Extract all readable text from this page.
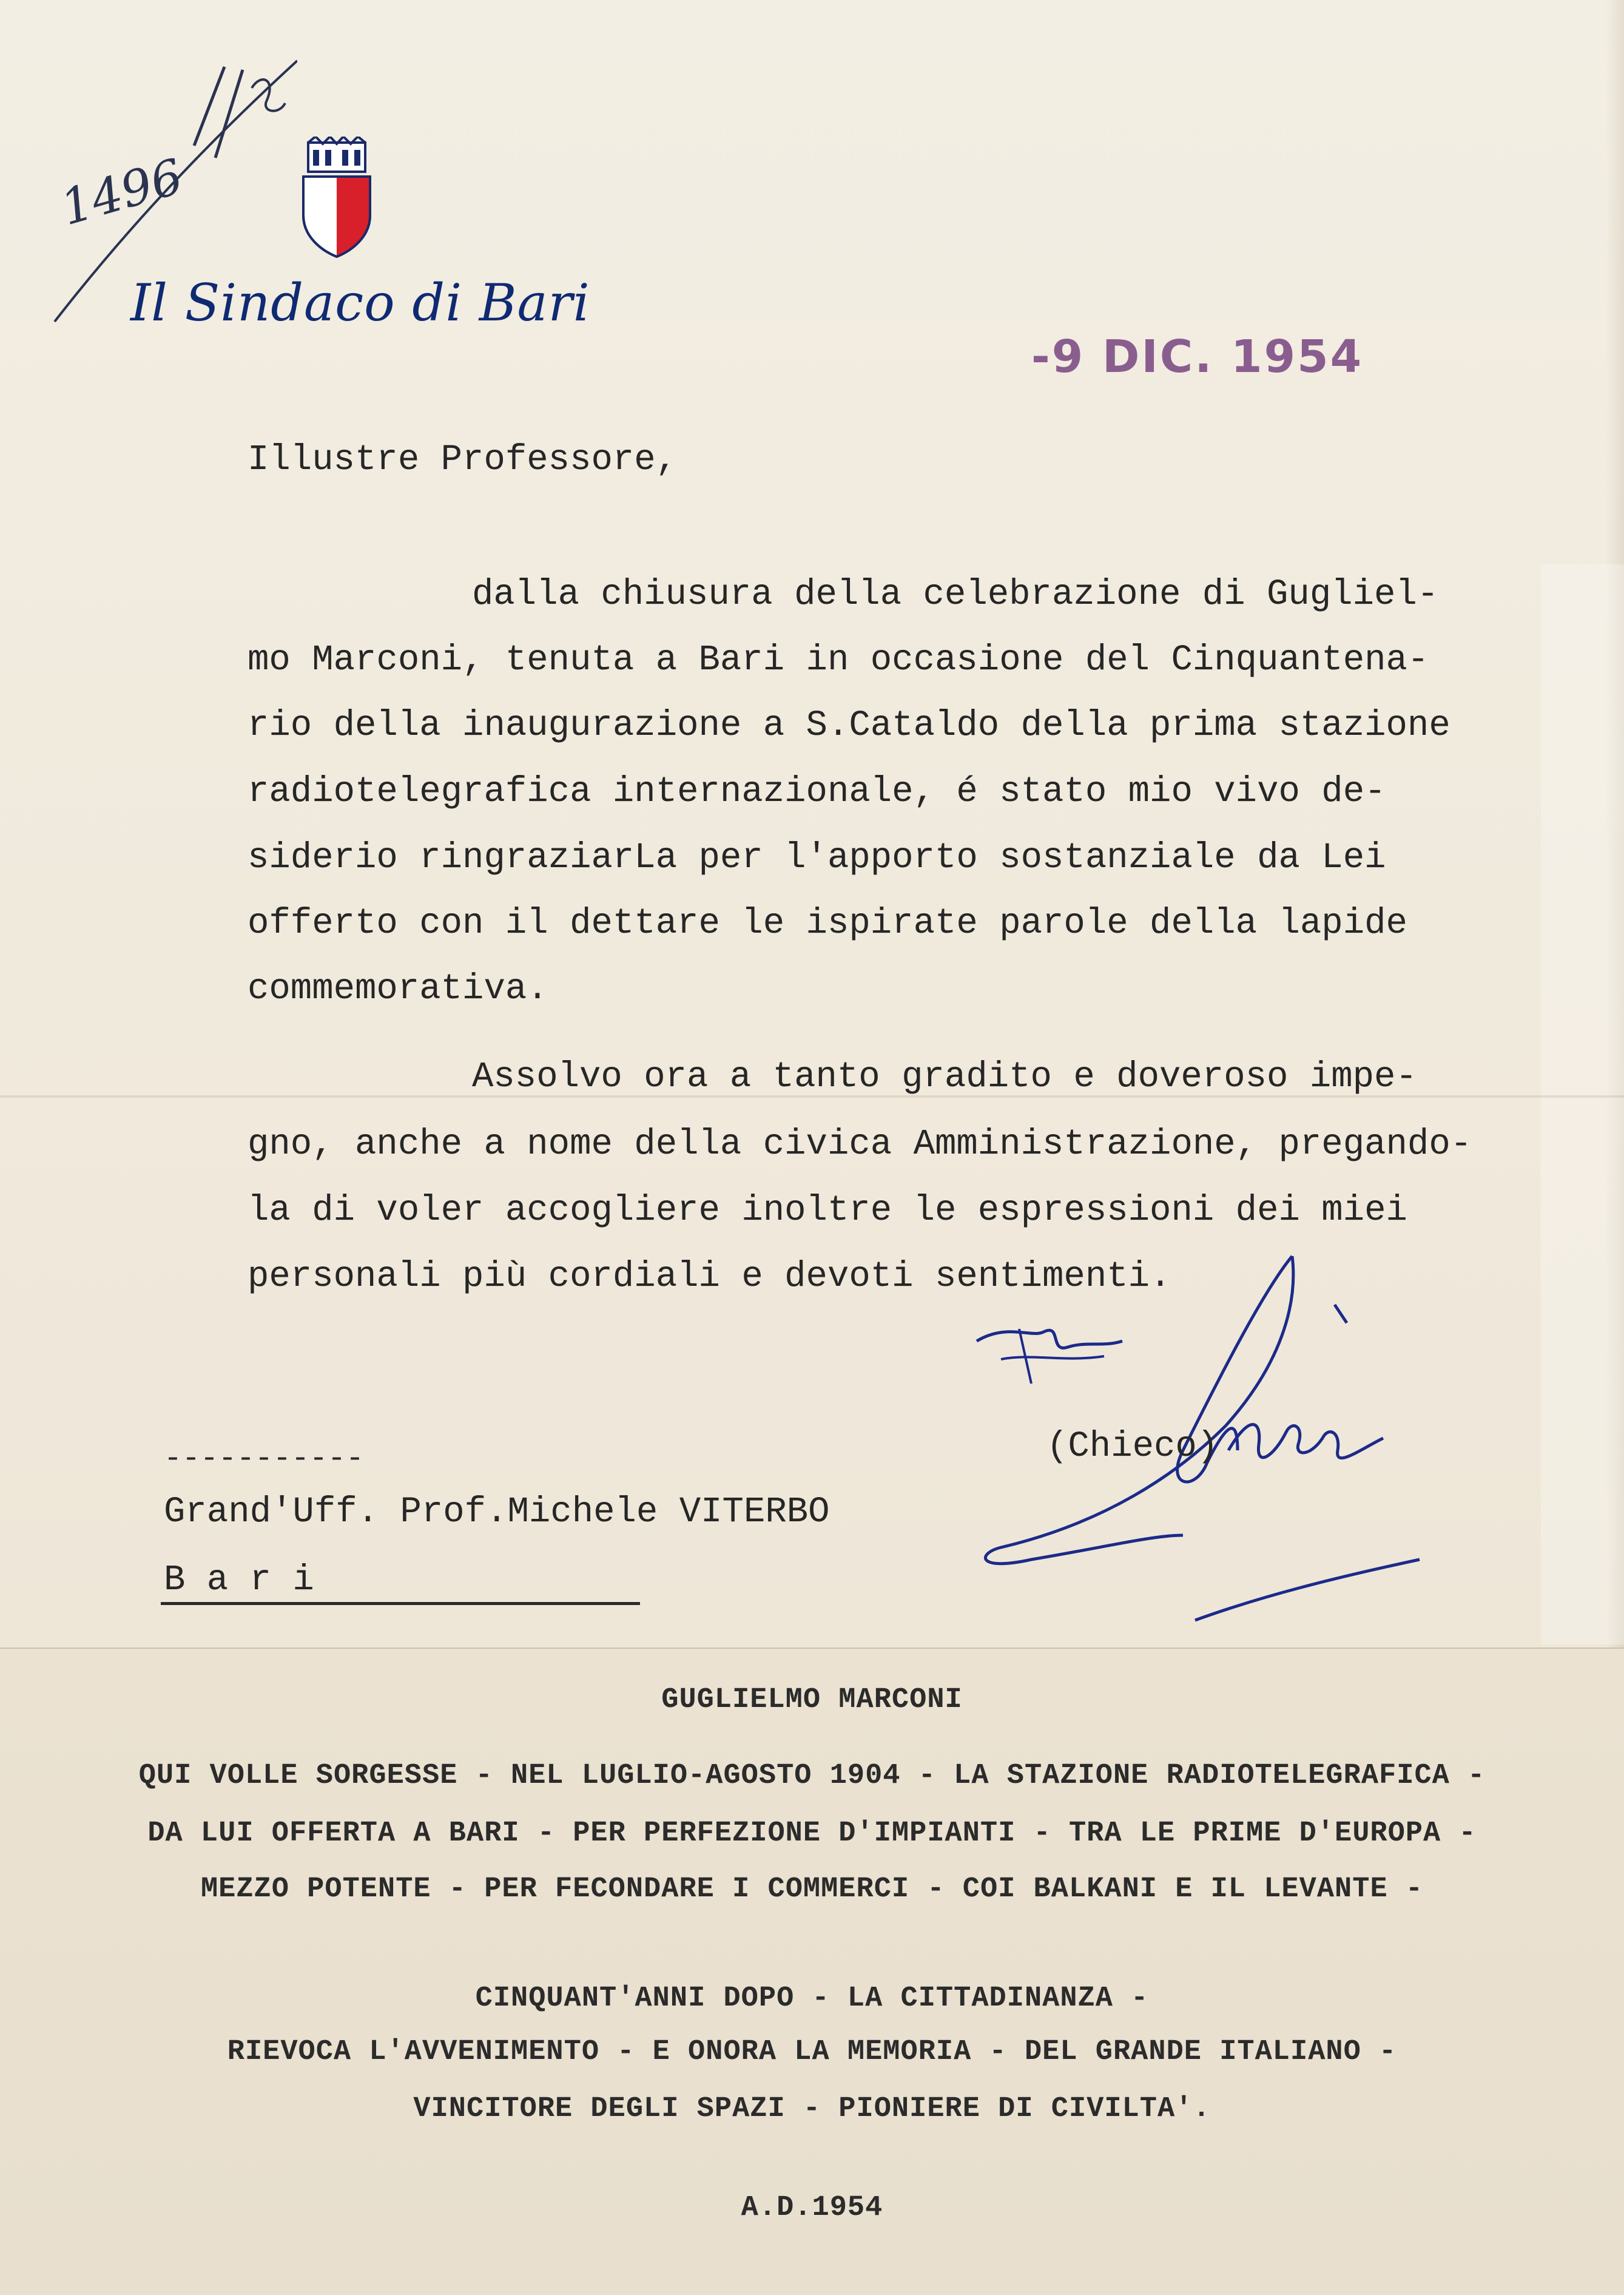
1496
Il Sindaco di Bari
-9 DIC. 1954
Illustre Professore,
dalla chiusura della celebrazione di Gugliel-
mo Marconi, tenuta a Bari in occasione del Cinquantena-
rio della inaugurazione a S.Cataldo della prima stazione
radiotelegrafica internazionale, é stato mio vivo de-
siderio ringraziarLa per l'apporto sostanziale da Lei
offerto con il dettare le ispirate parole della lapide
commemorativa.
Assolvo ora a tanto gradito e doveroso impe-
gno, anche a nome della civica Amministrazione, pregando-
la di voler accogliere inoltre le espressioni dei miei
personali più cordiali e devoti sentimenti.
(Chieco)
-----------
Grand'Uff. Prof.Michele VITERBO
B a r i
GUGLIELMO MARCONI
QUI VOLLE SORGESSE - NEL LUGLIO-AGOSTO 1904 - LA STAZIONE RADIOTELEGRAFICA -
DA LUI OFFERTA A BARI - PER PERFEZIONE D'IMPIANTI - TRA LE PRIME D'EUROPA -
MEZZO POTENTE - PER FECONDARE I COMMERCI - COI BALKANI E IL LEVANTE -
CINQUANT'ANNI DOPO - LA CITTADINANZA -
RIEVOCA L'AVVENIMENTO - E ONORA LA MEMORIA - DEL GRANDE ITALIANO -
VINCITORE DEGLI SPAZI - PIONIERE DI CIVILTA'.
A.D.1954
